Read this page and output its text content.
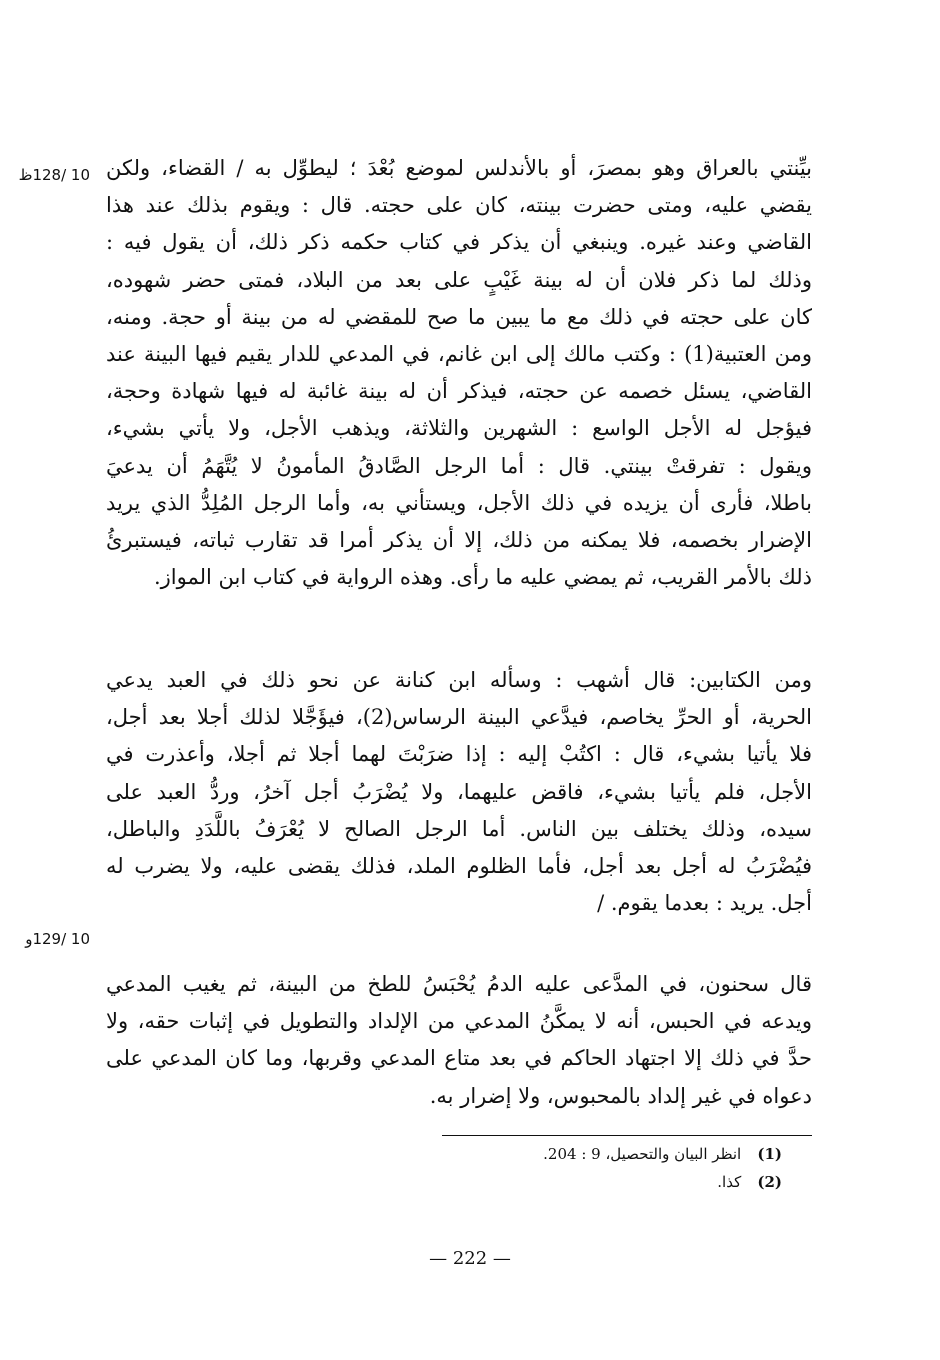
10 /128ظ
10 /129و
بيِّنتي بالعراق وهو بمصرَ، أو بالأندلس لموضع بُعْدَ ؛ ليطوِّل به / القضاء، ولكن
يقضي عليه، ومتى حضرت بينته، كان على حجته. قال : ويقوم بذلك عند هذا
القاضي وعند غيره. وينبغي أن يذكر في كتاب حكمه ذكر ذلك، أن يقول فيه :
وذلك لما ذكر فلان أن له بينة غَيْبٍ على بعد من البلاد، فمتى حضر شهوده،
كان على حجته في ذلك مع ما يبين ما صح للمقضي له من بينة أو حجة. ومنه،
ومن العتبية(1) : وكتب مالك إلى ابن غانم، في المدعي للدار يقيم فيها البينة عند
القاضي، يسئل خصمه عن حجته، فيذكر أن له بينة غائبة له فيها شهادة وحجة،
فيؤجل له الأجل الواسع : الشهرين والثلاثة، ويذهب الأجل، ولا يأتي بشيء،
ويقول : تفرقتْ بينتي. قال : أما الرجل الصَّادقُ المأمونُ لا يُتَّهَمُ أن يدعيَ
باطلا، فأرى أن يزيده في ذلك الأجل، ويستأني به، وأما الرجل المُلِدُّ الذي يريد
الإضرار بخصمه، فلا يمكنه من ذلك، إلا أن يذكر أمرا قد تقارب ثباته، فيستبرئُ
ذلك بالأمر القريب، ثم يمضي عليه ما رأى. وهذه الرواية في كتاب ابن المواز.
ومن الكتابين: قال أشهب : وسأله ابن كنانة عن نحو ذلك في العبد يدعي
الحرية، أو الحرِّ يخاصم، فيدَّعي البينة الرساس(2)، فيؤَجَّلا لذلك أجلا بعد أجل،
فلا يأتيا بشيء، قال : اكتُبْ إليه : إذا ضرَبْتَ لهما أجلا ثم أجلا، وأعذرت في
الأجل، فلم يأتيا بشيء، فاقض عليهما، ولا يُضْرَبُ أجل آخرُ، وردُّ العبد على
سيده، وذلك يختلف بين الناس. أما الرجل الصالح لا يُعْرَفُ باللَّدَدِ والباطل،
فيُضْرَبُ له أجل بعد أجل، فأما الظلوم الملد، فذلك يقضى عليه، ولا يضرب له
أجل. يريد : بعدما يقوم. /
قال سحنون، في المدَّعى عليه الدمُ يُحْبَسُ للطخ من البينة، ثم يغيب المدعي
ويدعه في الحبس، أنه لا يمكَّنُ المدعي من الإلداد والتطويل في إثبات حقه، ولا
حدَّ في ذلك إلا اجتهاد الحاكم في بعد متاع المدعي وقربها، وما كان المدعي على
دعواه في غير إلداد بالمحبوس، ولا إضرار به.
(1) انظر البيان والتحصيل، 9 : 204.
(2) كذا.
— 222 —
